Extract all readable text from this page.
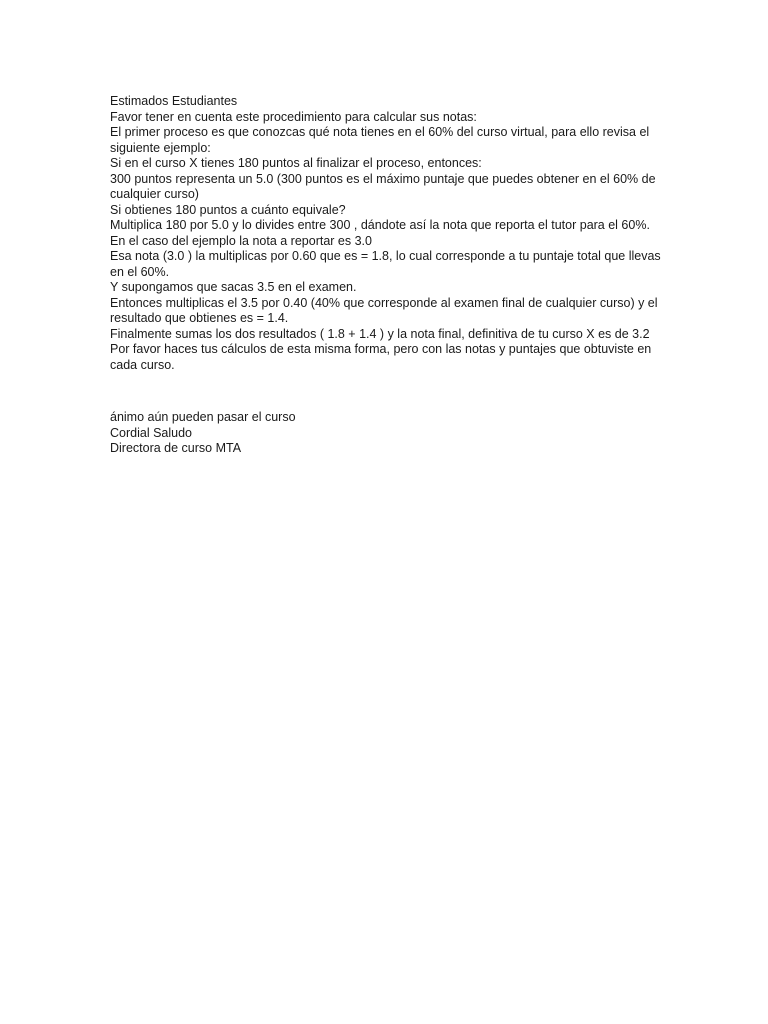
Estimados Estudiantes

Favor tener en cuenta este procedimiento para calcular sus notas:

El primer proceso es que conozcas qué nota tienes en el 60% del curso virtual, para ello revisa el siguiente ejemplo:

Si en el curso X tienes 180 puntos al finalizar el proceso, entonces:

300 puntos representa un 5.0 (300 puntos es el máximo puntaje que puedes obtener en el 60% de cualquier curso)

Si obtienes 180 puntos a cuánto equivale?

Multiplica 180 por 5.0 y lo divides entre 300 , dándote así la nota que reporta el tutor para el 60%.

En el caso del ejemplo la nota a reportar es 3.0

Esa nota (3.0 ) la multiplicas por 0.60 que es = 1.8, lo cual corresponde a tu puntaje total que llevas en el 60%.

Y supongamos que sacas 3.5 en el examen.

Entonces multiplicas el 3.5 por 0.40 (40% que corresponde al examen final de cualquier curso) y el resultado que obtienes es = 1.4.

Finalmente sumas los dos resultados ( 1.8 + 1.4 ) y la nota final, definitiva de tu curso X es de 3.2

Por favor haces tus cálculos de esta misma forma, pero con las notas y puntajes que obtuviste en cada curso.

ánimo aún pueden pasar el curso

Cordial Saludo

Directora de curso MTA
